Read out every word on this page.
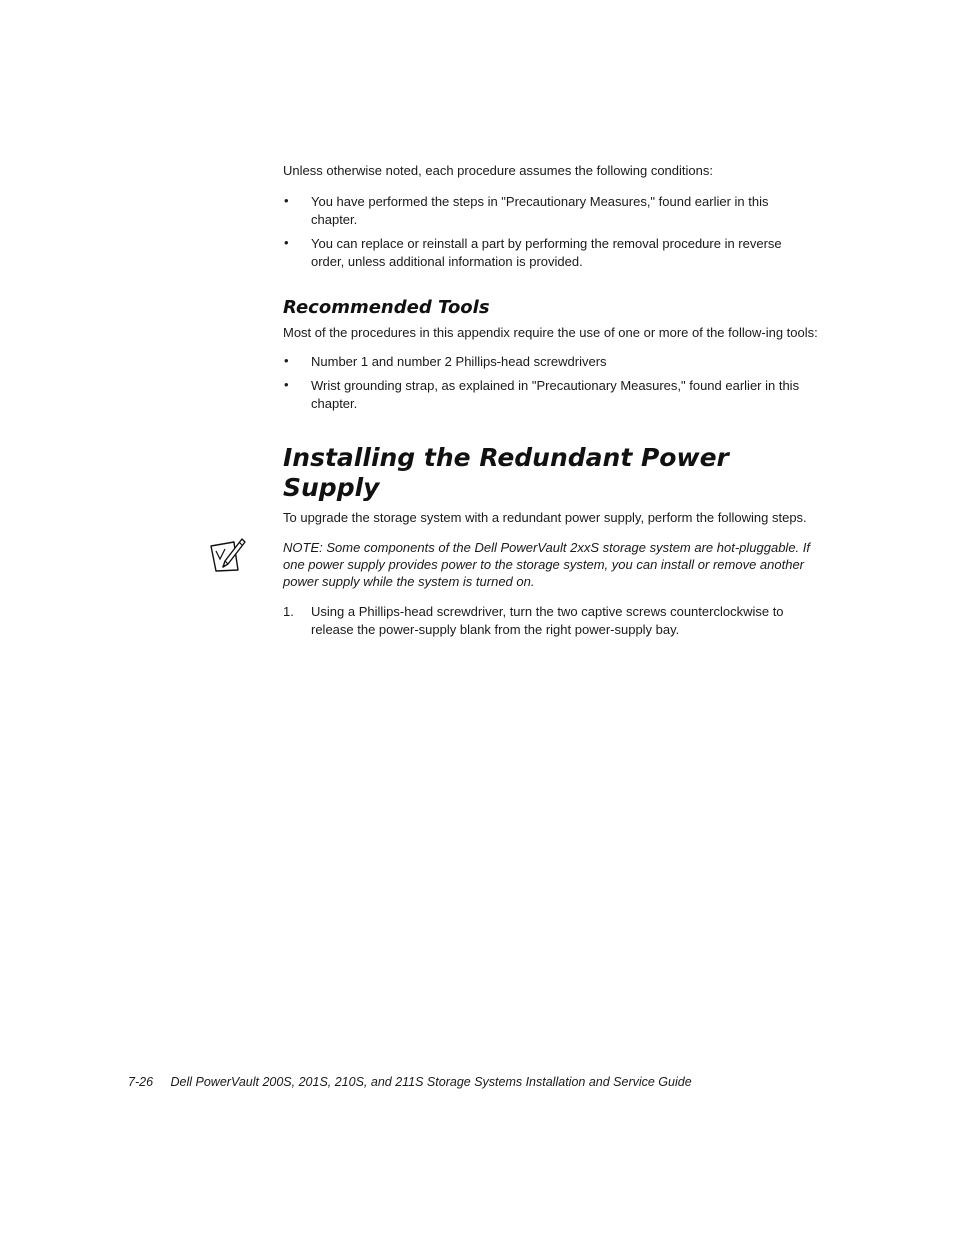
Unless otherwise noted, each procedure assumes the following conditions:

• You have performed the steps in "Precautionary Measures," found earlier in this chapter.
• You can replace or reinstall a part by performing the removal procedure in reverse order, unless additional information is provided.
Recommended Tools

Most of the procedures in this appendix require the use of one or more of the follow-ing tools:

• Number 1 and number 2 Phillips-head screwdrivers
• Wrist grounding strap, as explained in "Precautionary Measures," found earlier in this chapter.
Installing the Redundant Power Supply

To upgrade the storage system with a redundant power supply, perform the following steps.

NOTE: Some components of the Dell PowerVault 2xxS storage system are hot-pluggable. If one power supply provides power to the storage system, you can install or remove another power supply while the system is turned on.

1. Using a Phillips-head screwdriver, turn the two captive screws counterclockwise to release the power-supply blank from the right power-supply bay.
7-26 Dell PowerVault 200S, 201S, 210S, and 211S Storage Systems Installation and Service Guide
